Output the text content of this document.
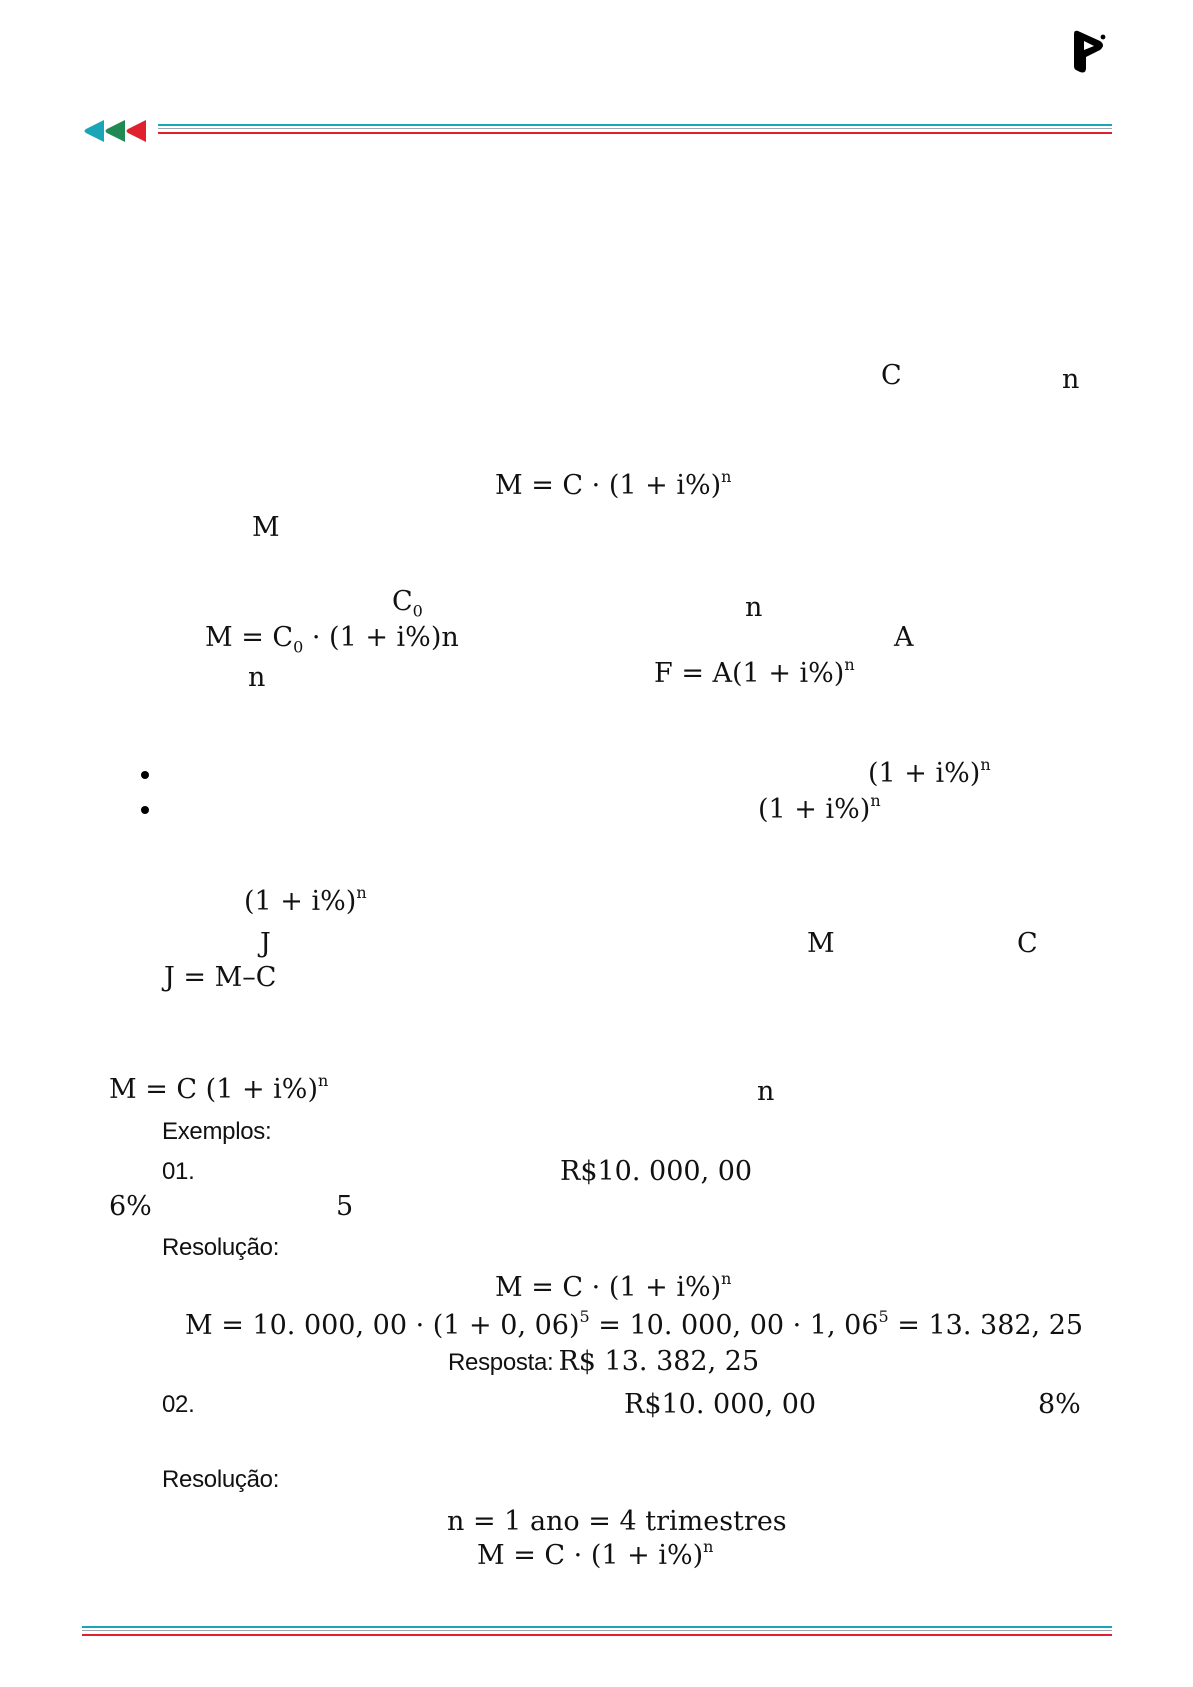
C	n
$M = C \cdot (1 + i\%)^n$
M
$C_0$	n
$M = C_0 \cdot (1 + i\%)n$	A
n	$F = A(1 + i\%)^n$
$(1 + i\%)^n$
$(1 + i\%)^n$
$(1 + i\%)^n$
J	M	C
J = M–C
M = C $(1 + i\%)^n$	n
Exemplos:
01.	R$10. 000, 00
6%	5
Resolução:
$M = C \cdot (1 + i\%)^n$
M = 10. 000, 00 · (1 + 0, 06)$^5$ = 10. 000, 00 · 1, $06^5 = 13$. 382, 25
Resposta: R$ 13. 382, 25
02.	R$10. 000, 00	8%
Resolução:
n = 1 ano = 4 trimestres
$M = C \cdot (1 + i\%)^n$
